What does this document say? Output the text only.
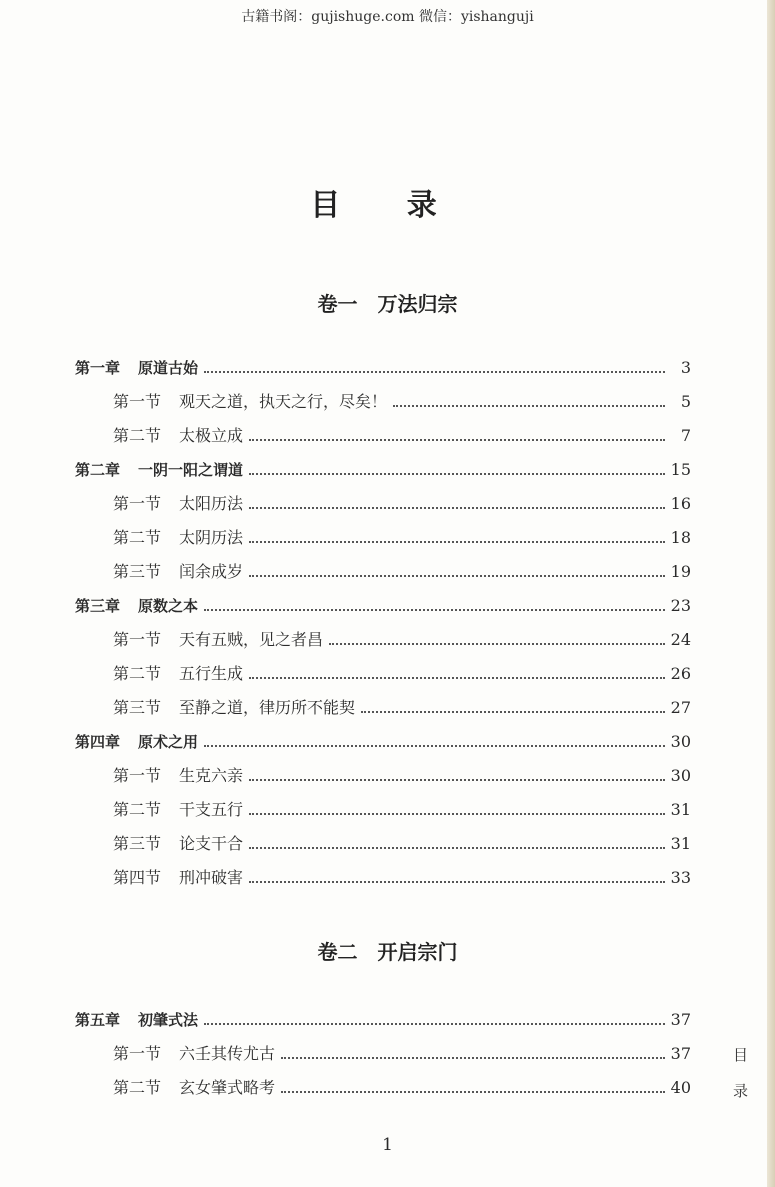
古籍书阁：gujishuge.com 微信：yishanguji
目 录
卷一　万法归宗
第一章 原道古始	3
第一节 观天之道，执天之行，尽矣！	5
第二节 太极立成	7
第二章 一阴一阳之谓道	15
第一节 太阳历法	16
第二节 太阴历法	18
第三节 闰余成岁	19
第三章 原数之本	23
第一节 天有五贼，见之者昌	24
第二节 五行生成	26
第三节 至静之道，律历所不能契	27
第四章 原术之用	30
第一节 生克六亲	30
第二节 干支五行	31
第三节 论支干合	31
第四节 刑冲破害	33
卷二　开启宗门
第五章 初肇式法	37
第一节 六壬其传尤古	37
第二节 玄女肇式略考	40
目
录
1
